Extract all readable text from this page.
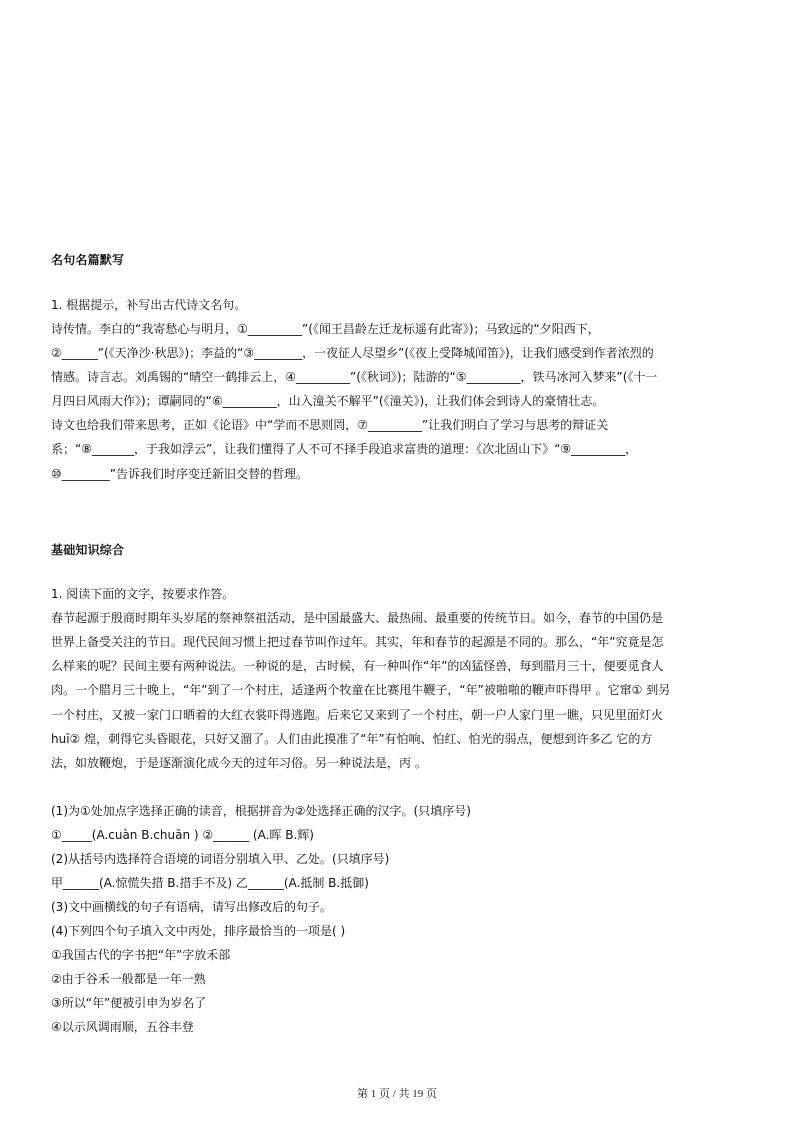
名句名篇默写
1. 根据提示，补写出古代诗文名句。
诗传情。李白的“我寄愁心与明月，①_________”(《闻王昌龄左迁龙标遥有此寄》)；马致远的“夕阳西下，
②______”(《天净沙·秋思》)；李益的“③________，一夜征人尽望乡”(《夜上受降城闻笛》)，让我们感受到作者浓烈的
情感。诗言志。刘禹锡的“晴空一鹤排云上，④_________”(《秋词》)；陆游的“⑤_________，铁马冰河入梦来”(《十一
月四日风雨大作》)；谭嗣同的“⑥_________，山入潼关不解平”(《潼关》)，让我们体会到诗人的豪情壮志。
诗文也给我们带来思考，正如《论语》中“学而不思则罔，⑦_________”让我们明白了学习与思考的辩证关
系；“⑧_______，于我如浮云”，让我们懂得了人不可不择手段追求富贵的道理：《次北固山下》“⑨_________，
⑩________”告诉我们时序变迁新旧交替的哲理。
基础知识综合
1. 阅读下面的文字，按要求作答。
春节起源于殷商时期年头岁尾的祭神祭祖活动，是中国最盛大、最热闹、最重要的传统节日。如今，春节的中国仍是
世界上备受关注的节日。现代民间习惯上把过春节叫作过年。其实，年和春节的起源是不同的。那么，“年”究竟是怎
么样来的呢？民间主要有两种说法。一种说的是，古时候，有一种叫作“年”的凶猛怪兽，每到腊月三十，便要觅食人
肉。一个腊月三十晚上，“年”到了一个村庄，适逢两个牧童在比赛甩牛鞭子，“年”被啪啪的鞭声吓得甲 。它窜① 到另
一个村庄，又被一家门口晒着的大红衣裳吓得逃跑。后来它又来到了一个村庄，朝一户人家门里一瞧，只见里面灯火
huī② 煌，刺得它头昏眼花，只好又溜了。人们由此摸准了“年”有怕响、怕红、怕光的弱点，便想到许多乙 它的方
法，如放鞭炮，于是逐渐演化成今天的过年习俗。另一种说法是，丙 。
(1)为①处加点字选择正确的读音，根据拼音为②处选择正确的汉字。(只填序号)
①_____(A.cuàn B.chuān ) ②______ (A.晖 B.辉)
(2)从括号内选择符合语境的词语分别填入甲、乙处。(只填序号)
甲______(A.惊慌失措 B.措手不及) 乙______(A.抵制 B.抵御)
(3)文中画横线的句子有语病，请写出修改后的句子。
(4)下列四个句子填入文中丙处，排序最恰当的一项是( )
①我国古代的字书把“年”字放禾部
②由于谷禾一般都是一年一熟
③所以“年”便被引申为岁名了
④以示风调雨顺，五谷丰登
第 1 页 / 共 19 页
